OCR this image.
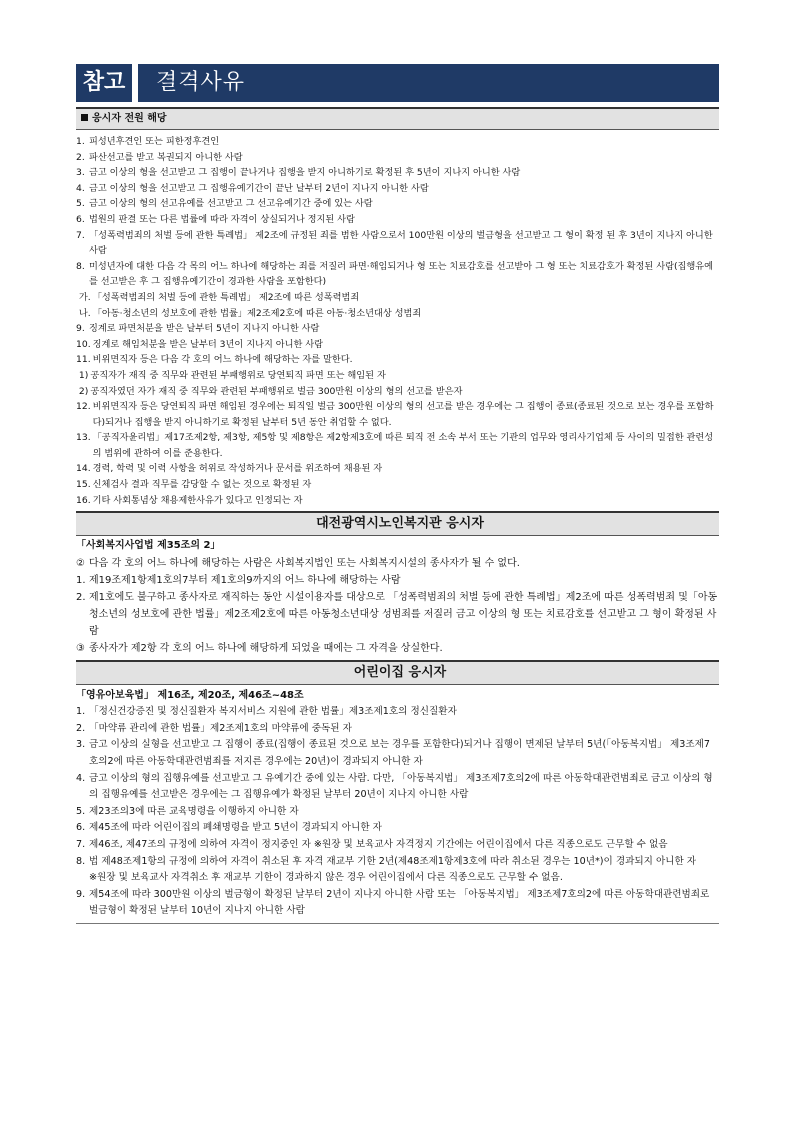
참고	결격사유
응시자 전원 해당
1. 피성년후견인 또는 피한정후견인
2. 파산선고를 받고 복권되지 아니한 사람
3. 금고 이상의 형을 선고받고 그 집행이 끝나거나 집행을 받지 아니하기로 확정된 후 5년이 지나지 아니한 사람
4. 금고 이상의 형을 선고받고 그 집행유예기간이 끝난 날부터 2년이 지나지 아니한 사람
5. 금고 이상의 형의 선고유예를 선고받고 그 선고유예기간 중에 있는 사람
6. 법원의 판결 또는 다른 법률에 따라 자격이 상실되거나 정지된 사람
7. 「성폭력범죄의 처벌 등에 관한 특례법」 제2조에 규정된 죄를 범한 사람으로서 100만원 이상의 벌금형을 선고받고 그 형이 확정 된 후 3년이 지나지 아니한 사람
8. 미성년자에 대한 다음 각 목의 어느 하나에 해당하는 죄를 저질러 파면·해임되거나 형 또는 치료감호를 선고받아 그 형 또는 치료감호가 확정된 사람(집행유예를 선고받은 후 그 집행유예기간이 경과한 사람을 포함한다)
가. 「성폭력범죄의 처벌 등에 관한 특례법」 제2조에 따른 성폭력범죄
나. 「아동·청소년의 성보호에 관한 법률」제2조제2호에 따른 아동·청소년대상 성범죄
9. 징계로 파면처분을 받은 날부터 5년이 지나지 아니한 사람
10. 징계로 해임처분을 받은 날부터 3년이 지나지 아니한 사람
11. 비위면직자 등은 다음 각 호의 어느 하나에 해당하는 자를 말한다.
1) 공직자가 재직 중 직무와 관련된 부패행위로 당연퇴직 파면 또는 해임된 자
2) 공직자였던 자가 재직 중 직무와 관련된 부패행위로 벌금 300만원 이상의 형의 선고를 받은자
12. 비위면직자 등은 당연퇴직 파면 해임된 경우에는 퇴직일 벌금 300만원 이상의 형의 선고를 받은 경우에는 그 집행이 종료(종료된 것으로 보는 경우를 포함하다)되거나 집행을 받지 아니하기로 확정된 날부터 5년 동안 취업할 수 없다.
13. 「공직자윤리법」제17조제2항, 제3항, 제5항 및 제8항은 제2항제3호에 따른 퇴직 전 소속 부서 또는 기관의 업무와 영리사기업체 등 사이의 밀접한 관련성의 범위에 관하여 이를 준용한다.
14. 경력, 학력 및 이력 사항을 허위로 작성하거나 문서를 위조하여 채용된 자
15. 신체검사 결과 직무를 감당할 수 없는 것으로 확정된 자
16. 기타 사회통념상 채용제한사유가 있다고 인정되는 자
대전광역시노인복지관 응시자
「사회복지사업법 제35조의 2」
② 다음 각 호의 어느 하나에 해당하는 사람은 사회복지법인 또는 사회복지시설의 종사자가 될 수 없다.
1. 제19조제1항제1호의7부터 제1호의9까지의 어느 하나에 해당하는 사람
2. 제1호에도 불구하고 종사자로 재직하는 동안 시설이용자를 대상으로 「성폭력범죄의 처벌 등에 관한 특례법」제2조에 따른 성폭력범죄 및「아동청소년의 성보호에 관한 법률」제2조제2호에 따른 아동청소년대상 성범죄를 저질러 금고 이상의 형 또는 치료감호를 선고받고 그 형이 확정된 사람
③ 종사자가 제2항 각 호의 어느 하나에 해당하게 되었을 때에는 그 자격을 상실한다.
어린이집 응시자
「영유아보육법」 제16조, 제20조, 제46조~48조
1. 「정신건강증진 및 정신질환자 복지서비스 지원에 관한 법률」제3조제1호의 정신질환자
2. 「마약류 관리에 관한 법률」제2조제1호의 마약류에 중독된 자
3. 금고 이상의 실형을 선고받고 그 집행이 종료(집행이 종료된 것으로 보는 경우를 포함한다)되거나 집행이 면제된 날부터 5년(「아동복지법」 제3조제7호의2에 따른 아동학대관련범죄를 저지른 경우에는 20년)이 경과되지 아니한 자
4. 금고 이상의 형의 집행유예를 선고받고 그 유예기간 중에 있는 사람. 다만, 「아동복지법」 제3조제7호의2에 따른 아동학대관련범죄로 금고 이상의 형의 집행유예를 선고받은 경우에는 그 집행유예가 확정된 날부터 20년이 지나지 아니한 사람
5. 제23조의3에 따른 교육명령을 이행하지 아니한 자
6. 제45조에 따라 어린이집의 폐쇄명령을 받고 5년이 경과되지 아니한 자
7. 제46조, 제47조의 규정에 의하여 자격이 정지중인 자 ※원장 및 보육교사 자격정지 기간에는 어린이집에서 다른 직종으로도 근무할 수 없음
8. 법 제48조제1항의 규정에 의하여 자격이 취소된 후 자격 재교부 기한 2년(제48조제1항제3호에 따라 취소된 경우는 10년*)이 경과되지 아니한 자
※원장 및 보육교사 자격취소 후 재교부 기한이 경과하지 않은 경우 어린이집에서 다른 직종으로도 근무할 수 없음.
9. 제54조에 따라 300만원 이상의 벌금형이 확정된 날부터 2년이 지나지 아니한 사람 또는 「아동복지법」 제3조제7호의2에 따른 아동학대관련범죄로 벌금형이 확정된 날부터 10년이 지나지 아니한 사람
